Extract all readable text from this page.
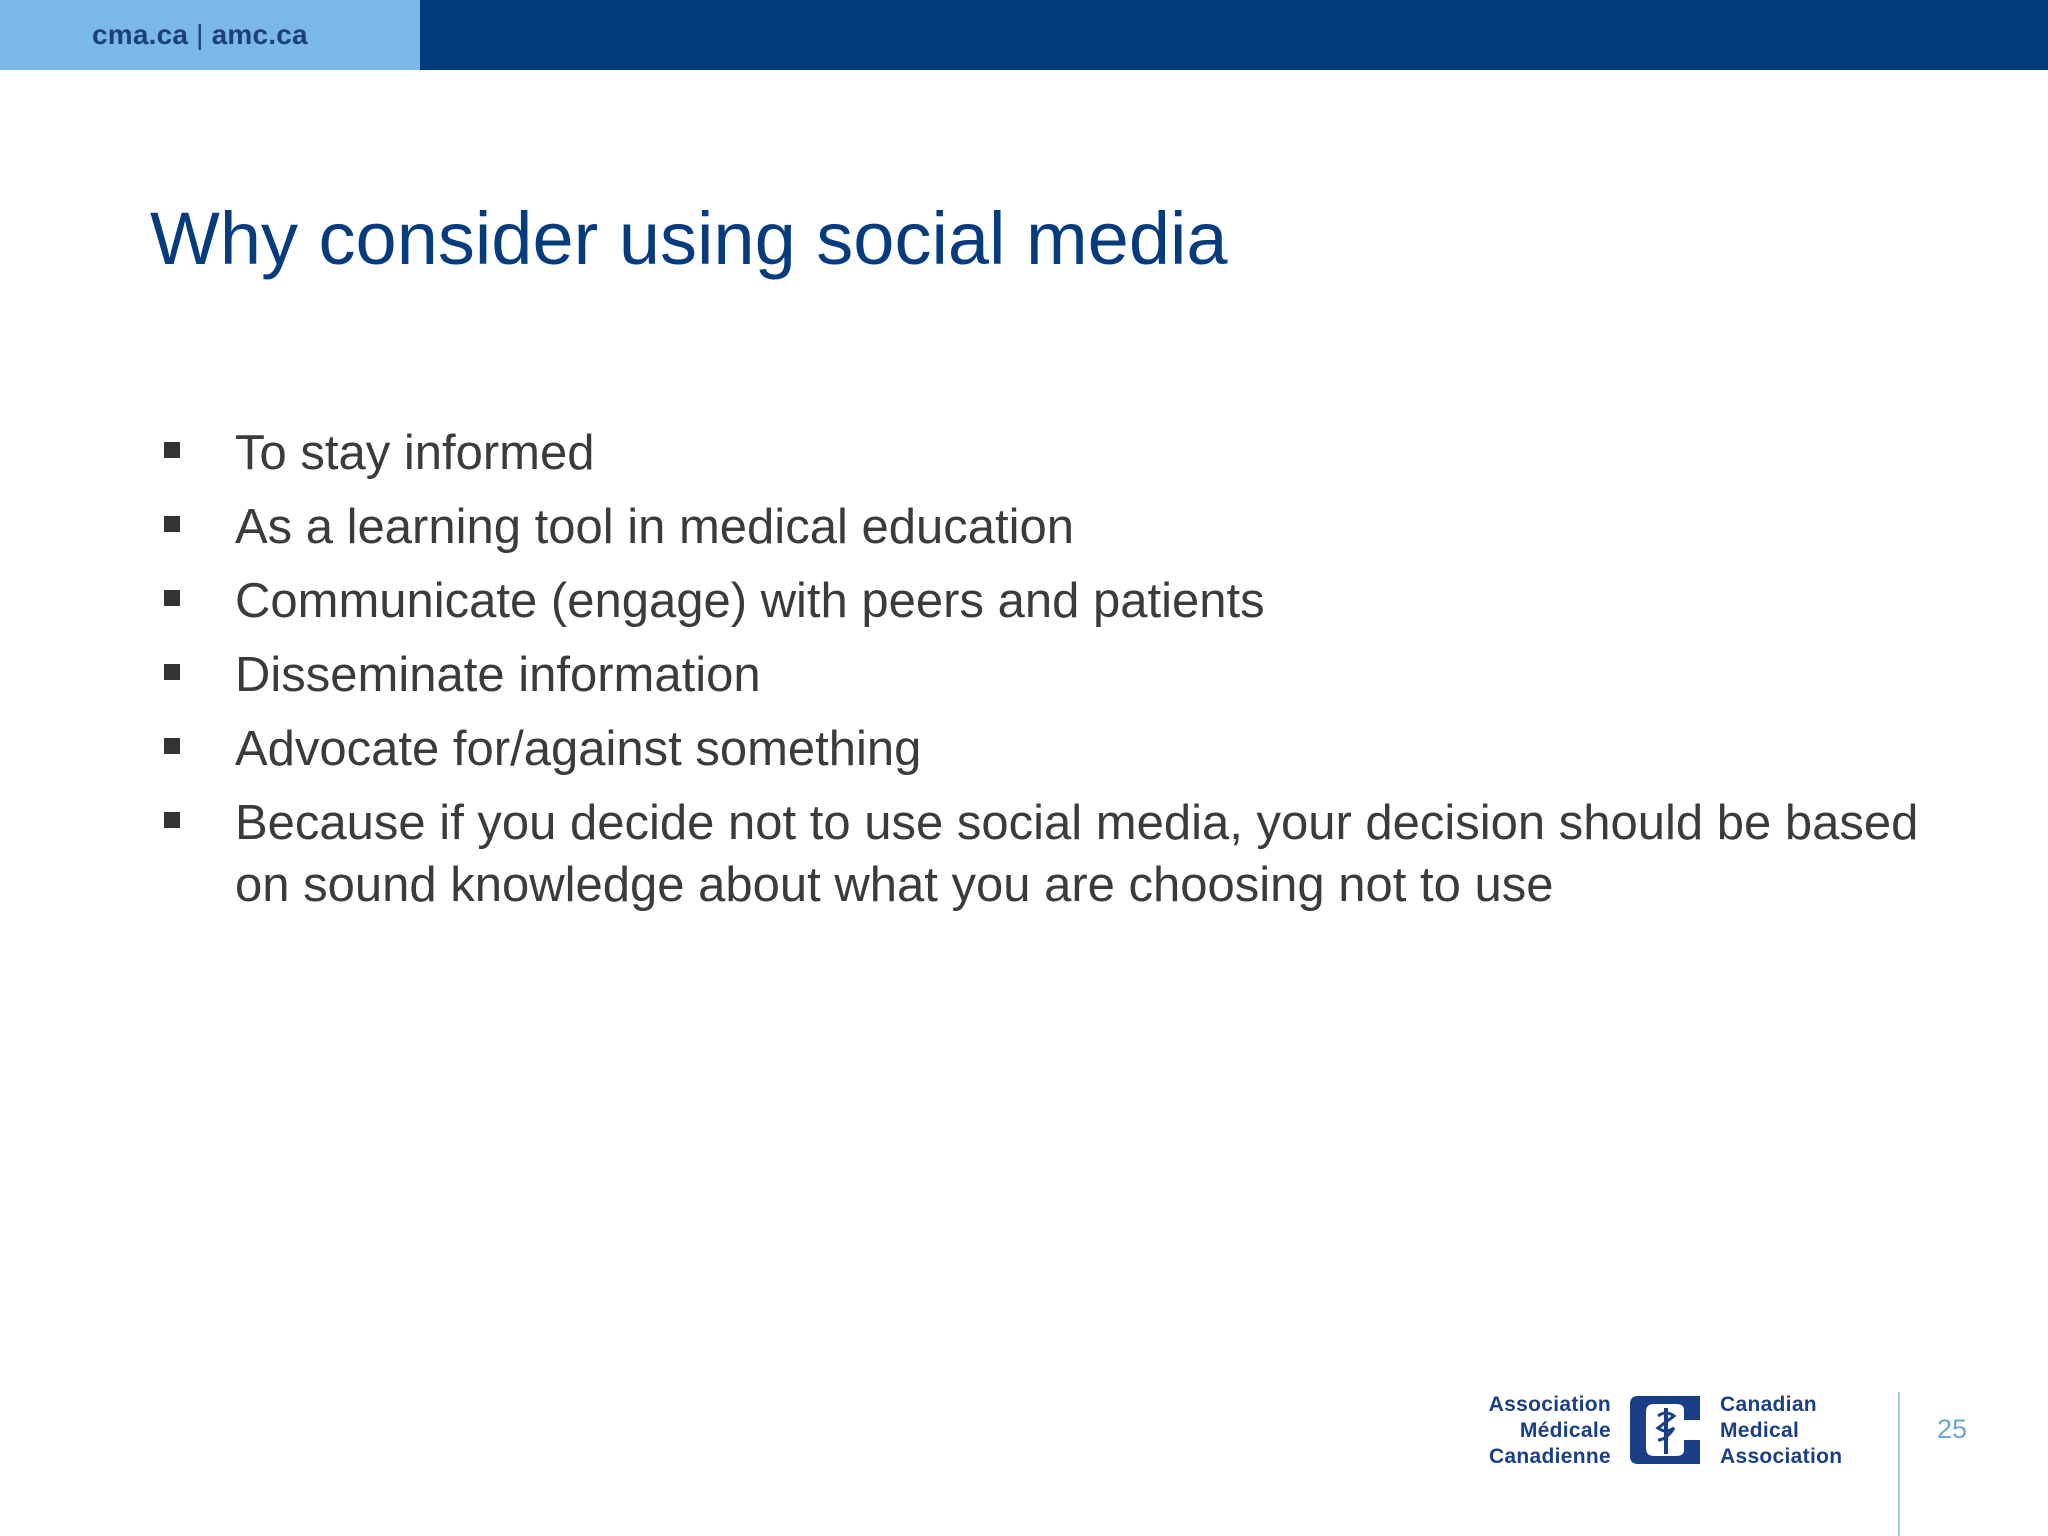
cma.ca | amc.ca
Why consider using social media
To stay informed
As a learning tool in medical education
Communicate (engage) with peers and patients
Disseminate information
Advocate for/against something
Because if you decide not to use social media, your decision should be based on sound knowledge about what you are choosing not to use
Association
Médicale
Canadienne
Canadian
Medical
Association
25
